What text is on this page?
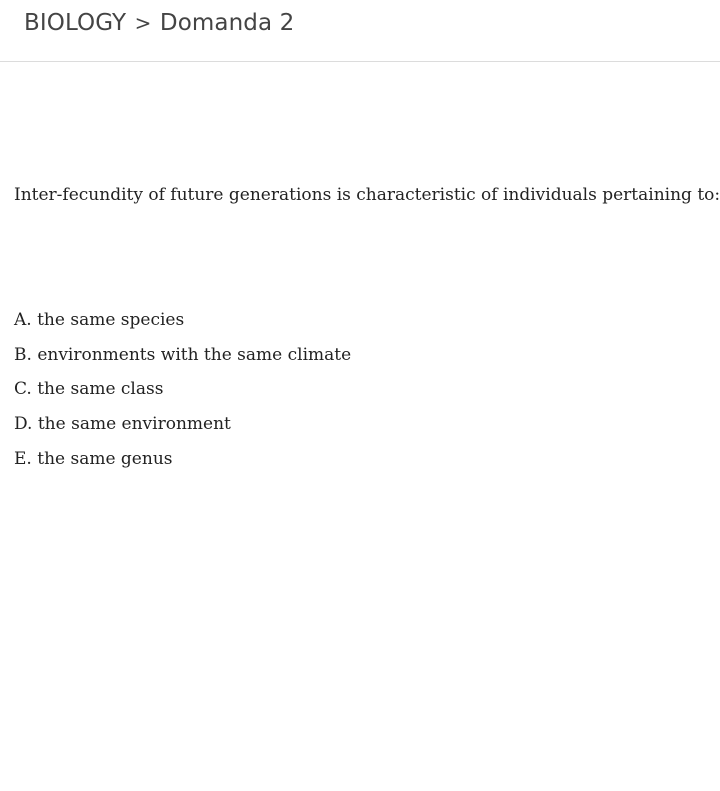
BIOLOGY > Domanda 2
Inter-fecundity of future generations is characteristic of individuals pertaining to:
A. the same species
B. environments with the same climate
C. the same class
D. the same environment
E. the same genus
